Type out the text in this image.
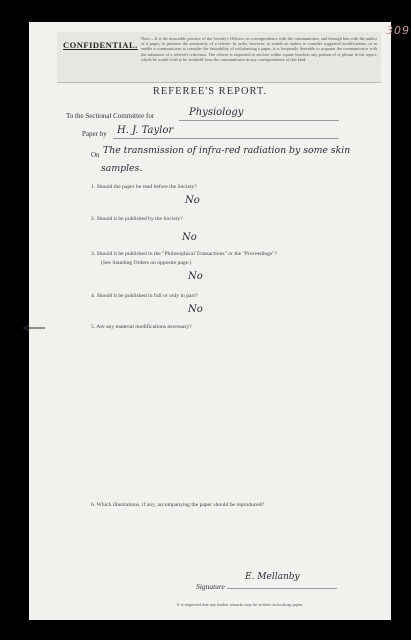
309
CONFIDENTIAL.
Note.—It is the invariable practice of the Society's Officers, in correspondence with the communicator, and through him with the author of a paper, to preserve the anonymity of a referee. In order, however, to enable an author to consider suggested modifications, or to enable a communicator to consider the desirability of withdrawing a paper, it is frequently desirable to acquaint the communicator with the substance of a referee's criticisms. The referee is requested to enclose within square brackets any portion of or phrase in his report, which he would wish to be withheld from the communicator in any correspondence of this kind.
REFEREE'S REPORT.
To the Sectional Committee for	Physiology
Paper by H. J. Taylor
On The transmission of infra-red radiation by some skin
samples.
1. Should the paper be read before the Society?
No
2. Should it be published by the Society?
No
3. Should it be published in the "Philosophical Transactions" or the "Proceedings"?
(See Standing Orders on opposite page.)
No
4. Should it be published in full or only in part?
No
5. Are any material modifications necessary?
6. Which illustrations, if any, accompanying the paper should be reproduced?
Signature
E. Mellanby
It is requested that any further remarks may be written on foolscap paper.
